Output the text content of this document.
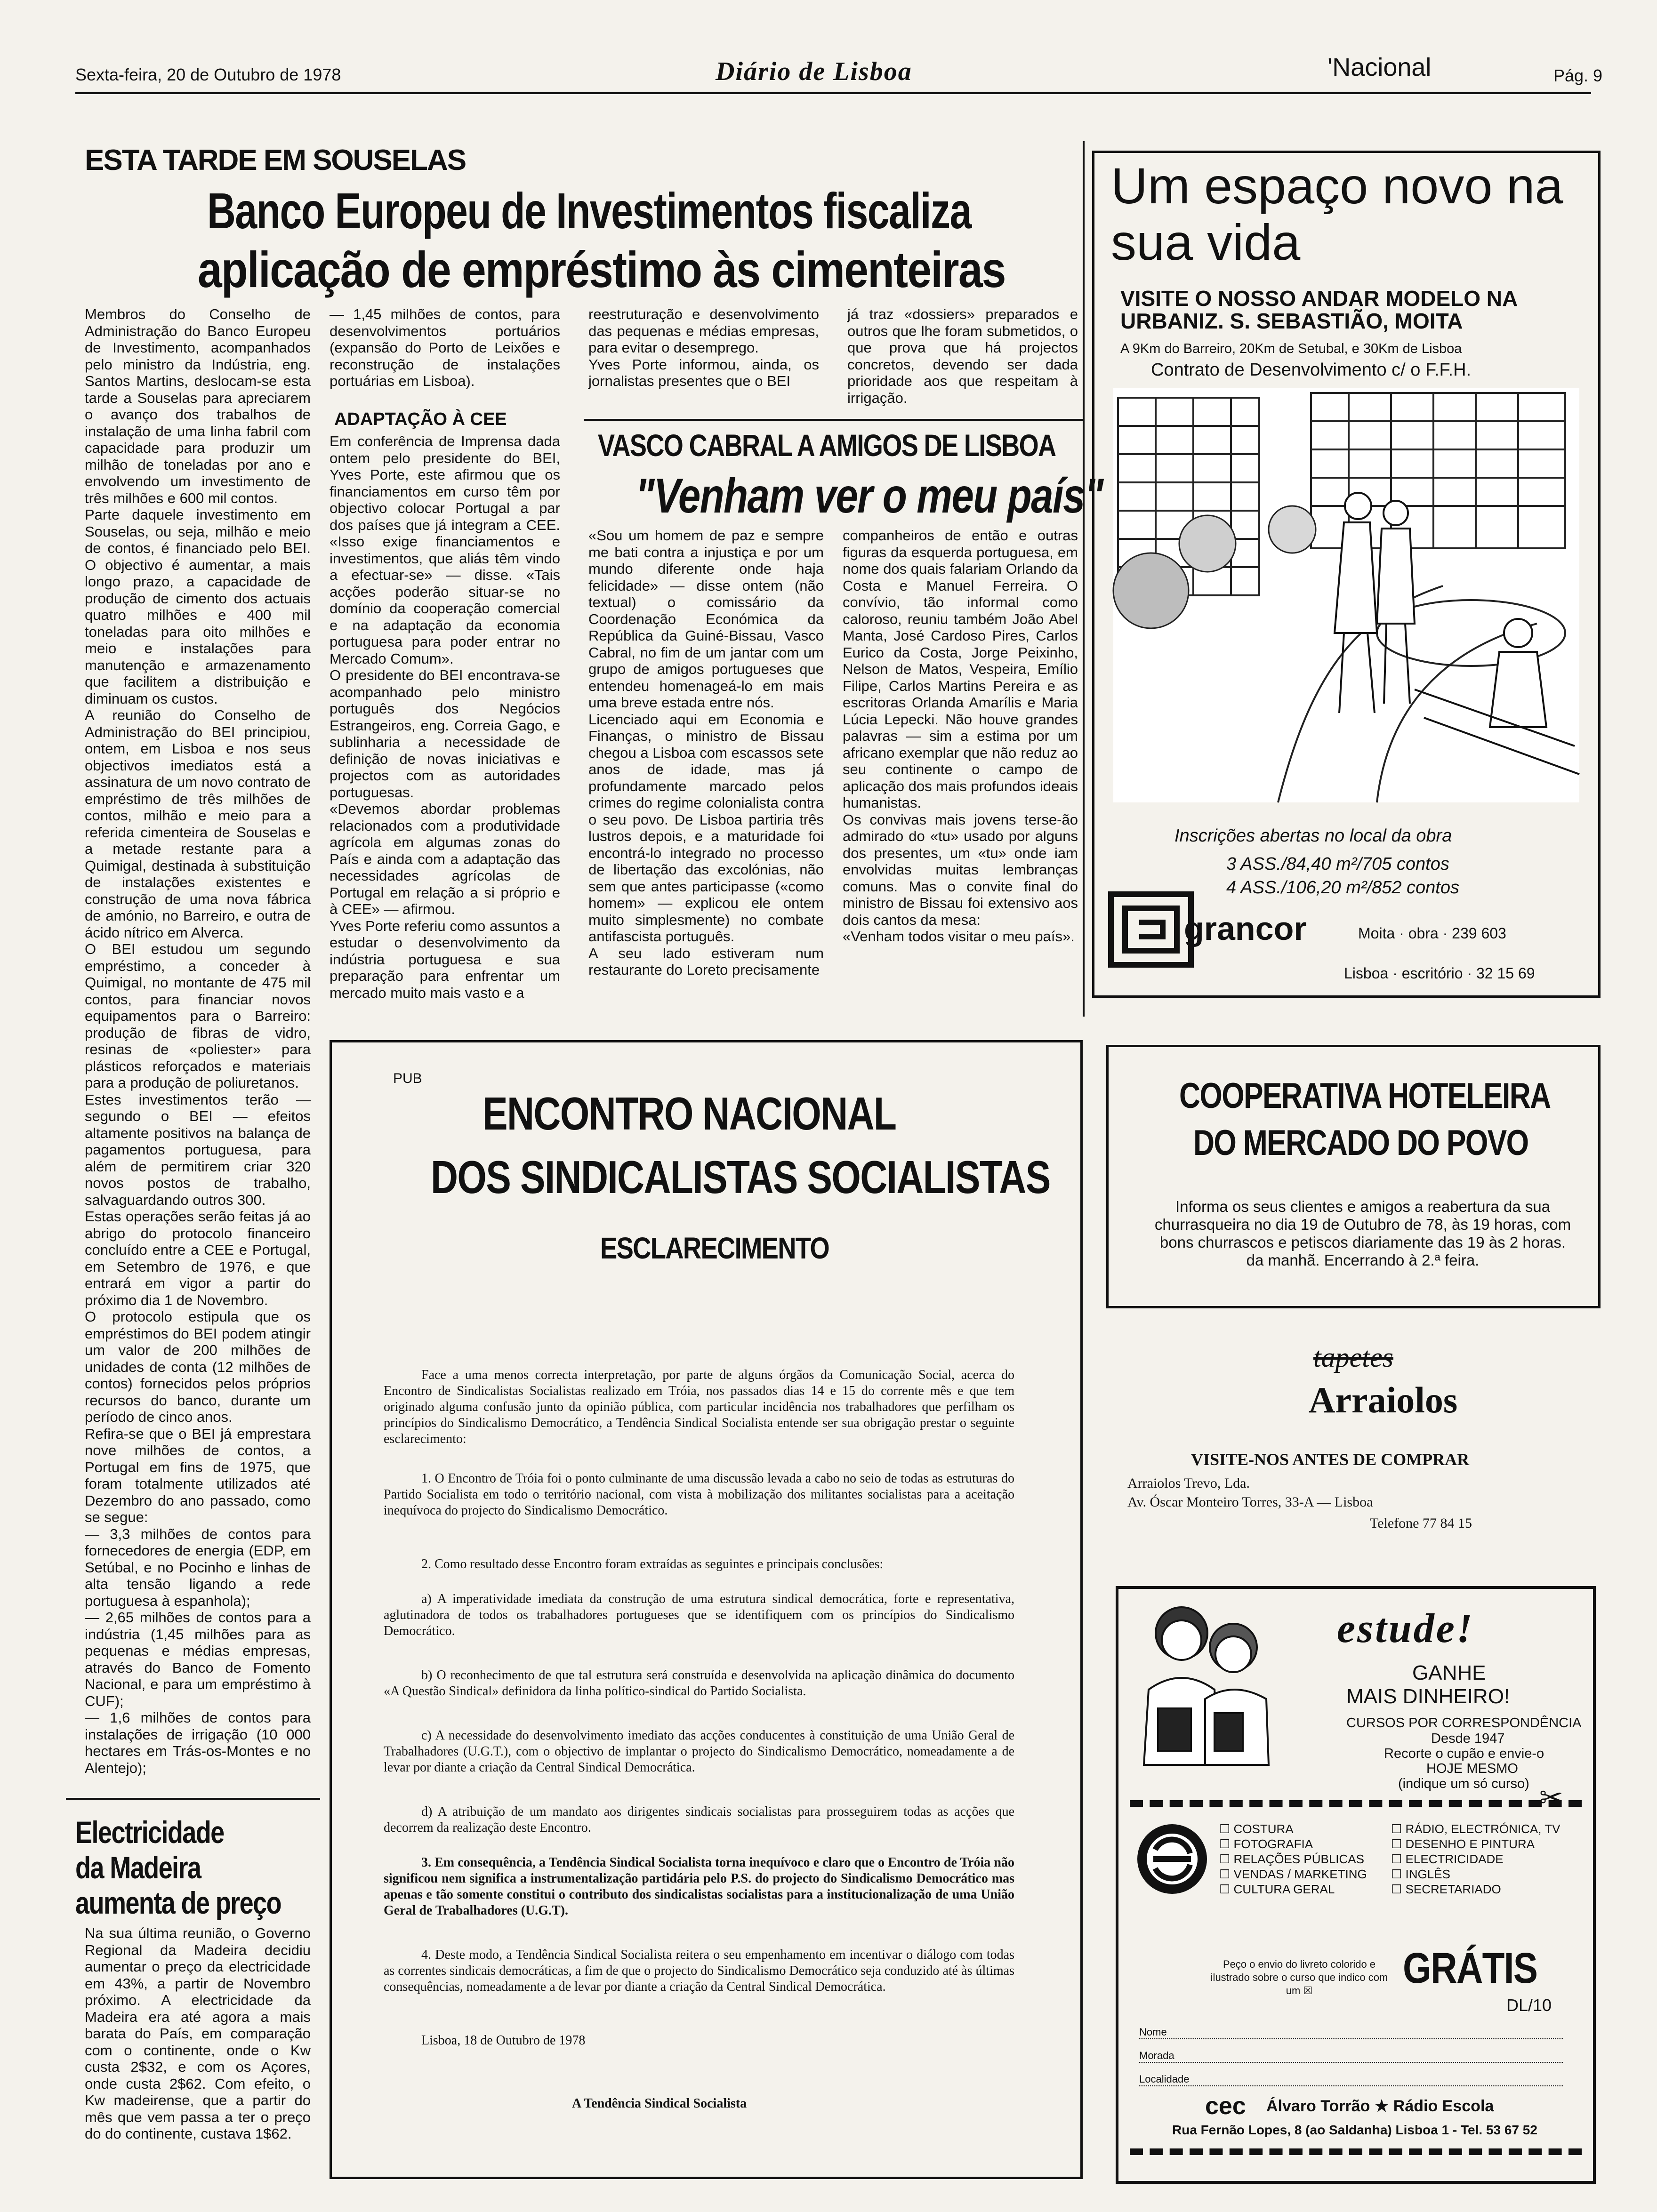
Sexta-feira, 20 de Outubro de 1978	Diário de Lisboa	'Nacional	Pág. 9
ESTA TARDE EM SOUSELAS
Banco Europeu de Investimentos fiscaliza
aplicação de empréstimo às cimenteiras

Membros do Conselho de Administração do Banco Europeu de Investimento, acompanhados pelo ministro da Indústria, eng. Santos Martins, deslocam-se esta tarde a Souselas para apreciarem o avanço dos trabalhos de instalação de uma linha fabril com capacidade para produzir um milhão de toneladas por ano e envolvendo um investimento de três milhões e 600 mil contos.
Parte daquele investimento em Souselas, ou seja, milhão e meio de contos, é financiado pelo BEI. O objectivo é aumentar, a mais longo prazo, a capacidade de produção de cimento dos actuais quatro milhões e 400 mil toneladas para oito milhões e meio e instalações para manutenção e armazenamento que facilitem a distribuição e diminuam os custos.
A reunião do Conselho de Administração do BEI principiou, ontem, em Lisboa e nos seus objectivos imediatos está a assinatura de um novo contrato de empréstimo de três milhões de contos, milhão e meio para a referida cimenteira de Souselas e a metade restante para a Quimigal, destinada à substituição de instalações existentes e construção de uma nova fábrica de amónio, no Barreiro, e outra de ácido nítrico em Alverca.
O BEI estudou um segundo empréstimo, a conceder à Quimigal, no montante de 475 mil contos, para financiar novos equipamentos para o Barreiro: produção de fibras de vidro, resinas de «poliester» para plásticos reforçados e materiais para a produção de poliuretanos.
Estes investimentos terão — segundo o BEI — efeitos altamente positivos na balança de pagamentos portuguesa, para além de permitirem criar 320 novos postos de trabalho, salvaguardando outros 300.
Estas operações serão feitas já ao abrigo do protocolo financeiro concluído entre a CEE e Portugal, em Setembro de 1976, e que entrará em vigor a partir do próximo dia 1 de Novembro.
O protocolo estipula que os empréstimos do BEI podem atingir um valor de 200 milhões de unidades de conta (12 milhões de contos) fornecidos pelos próprios recursos do banco, durante um período de cinco anos.
Refira-se que o BEI já emprestara nove milhões de contos, a Portugal em fins de 1975, que foram totalmente utilizados até Dezembro do ano passado, como se segue:
— 3,3 milhões de contos para fornecedores de energia (EDP, em Setúbal, e no Pocinho e linhas de alta tensão ligando a rede portuguesa à espanhola);
— 2,65 milhões de contos para a indústria (1,45 milhões para as pequenas e médias empresas, através do Banco de Fomento Nacional, e para um empréstimo à CUF);
— 1,6 milhões de contos para instalações de irrigação (10 000 hectares em Trás-os-Montes e no Alentejo);

— 1,45 milhões de contos, para desenvolvimentos portuários (expansão do Porto de Leixões e reconstrução de instalações portuárias em Lisboa).

ADAPTAÇÃO À CEE

Em conferência de Imprensa dada ontem pelo presidente do BEI, Yves Porte, este afirmou que os financiamentos em curso têm por objectivo colocar Portugal a par dos países que já integram a CEE. «Isso exige financiamentos e investimentos, que aliás têm vindo a efectuar-se» — disse. «Tais acções poderão situar-se no domínio da cooperação comercial e na adaptação da economia portuguesa para poder entrar no Mercado Comum».
O presidente do BEI encontrava-se acompanhado pelo ministro português dos Negócios Estrangeiros, eng. Correia Gago, e sublinharia a necessidade de definição de novas iniciativas e projectos com as autoridades portuguesas.
«Devemos abordar problemas relacionados com a produtividade agrícola em algumas zonas do País e ainda com a adaptação das necessidades agrícolas de Portugal em relação a si próprio e à CEE» — afirmou.
Yves Porte referiu como assuntos a estudar o desenvolvimento da indústria portuguesa e sua preparação para enfrentar um mercado muito mais vasto e a

reestruturação e desenvolvimento das pequenas e médias empresas, para evitar o desemprego.
Yves Porte informou, ainda, os jornalistas presentes que o BEI

já traz «dossiers» preparados e outros que lhe foram submetidos, o que prova que há projectos concretos, devendo ser dada prioridade aos que respeitam à irrigação.

VASCO CABRAL A AMIGOS DE LISBOA
"Venham ver o meu país"

«Sou um homem de paz e sempre me bati contra a injustiça e por um mundo diferente onde haja felicidade» — disse ontem (não textual) o comissário da Coordenação Económica da República da Guiné-Bissau, Vasco Cabral, no fim de um jantar com um grupo de amigos portugueses que entendeu homenageá-lo em mais uma breve estada entre nós.
Licenciado aqui em Economia e Finanças, o ministro de Bissau chegou a Lisboa com escassos sete anos de idade, mas já profundamente marcado pelos crimes do regime colonialista contra o seu povo. De Lisboa partiria três lustros depois, e a maturidade foi encontrá-lo integrado no processo de libertação das excolónias, não sem que antes participasse («como homem» — explicou ele ontem muito simplesmente) no combate antifascista português.
A seu lado estiveram num restaurante do Loreto precisamente

companheiros de então e outras figuras da esquerda portuguesa, em nome dos quais falariam Orlando da Costa e Manuel Ferreira. O convívio, tão informal como caloroso, reuniu também João Abel Manta, José Cardoso Pires, Carlos Eurico da Costa, Jorge Peixinho, Nelson de Matos, Vespeira, Emílio Filipe, Carlos Martins Pereira e as escritoras Orlanda Amarílis e Maria Lúcia Lepecki. Não houve grandes palavras — sim a estima por um africano exemplar que não reduz ao seu continente o campo de aplicação dos mais profundos ideais humanistas.
Os convivas mais jovens terse-ão admirado do «tu» usado por alguns dos presentes, um «tu» onde iam envolvidas muitas lembranças comuns. Mas o convite final do ministro de Bissau foi extensivo aos dois cantos da mesa:
«Venham todos visitar o meu país».

Electricidade
da Madeira
aumenta de preço

Na sua última reunião, o Governo Regional da Madeira decidiu aumentar o preço da electricidade em 43%, a partir de Novembro próximo. A electricidade da Madeira era até agora a mais barata do País, em comparação com o continente, onde o Kw custa 2$32, e com os Açores, onde custa 2$62. Com efeito, o Kw madeirense, que a partir do mês que vem passa a ter o preço do do continente, custava 1$62.

Um espaço novo na sua vida
VISITE O NOSSO ANDAR MODELO NA URBANIZ. S. SEBASTIÃO, MOITA
A 9Km do Barreiro, 20Km de Setubal, e 30Km de Lisboa
Contrato de Desenvolvimento c/ o F.F.H.
Inscrições abertas no local da obra
3 ASS./84,40 m²/705 contos
4 ASS./106,20 m²/852 contos
grancor	Moita · obra · 239 603
Lisboa · escritório · 32 15 69
PUB
ENCONTRO NACIONAL
DOS SINDICALISTAS SOCIALISTAS
ESCLARECIMENTO

Face a uma menos correcta interpretação, por parte de alguns órgãos da Comunicação Social, acerca do Encontro de Sindicalistas Socialistas realizado em Tróia, nos passados dias 14 e 15 do corrente mês e que tem originado alguma confusão junto da opinião pública, com particular incidência nos trabalhadores que perfilham os princípios do Sindicalismo Democrático, a Tendência Sindical Socialista entende ser sua obrigação prestar o seguinte esclarecimento:

1. O Encontro de Tróia foi o ponto culminante de uma discussão levada a cabo no seio de todas as estruturas do Partido Socialista em todo o território nacional, com vista à mobilização dos militantes socialistas para a aceitação inequívoca do projecto do Sindicalismo Democrático.

2. Como resultado desse Encontro foram extraídas as seguintes e principais conclusões:

a) A imperatividade imediata da construção de uma estrutura sindical democrática, forte e representativa, aglutinadora de todos os trabalhadores portugueses que se identifiquem com os princípios do Sindicalismo Democrático.

b) O reconhecimento de que tal estrutura será construída e desenvolvida na aplicação dinâmica do documento «A Questão Sindical» definidora da linha político-sindical do Partido Socialista.

c) A necessidade do desenvolvimento imediato das acções conducentes à constituição de uma União Geral de Trabalhadores (U.G.T.), com o objectivo de implantar o projecto do Sindicalismo Democrático, nomeadamente a de levar por diante a criação da Central Sindical Democrática.

d) A atribuição de um mandato aos dirigentes sindicais socialistas para prosseguirem todas as acções que decorrem da realização deste Encontro.

3. Em consequência, a Tendência Sindical Socialista torna inequívoco e claro que o Encontro de Tróia não significou nem significa a instrumentalização partidária pelo P.S. do projecto do Sindicalismo Democrático mas apenas e tão somente constitui o contributo dos sindicalistas socialistas para a institucionalização de uma União Geral de Trabalhadores (U.G.T).

4. Deste modo, a Tendência Sindical Socialista reitera o seu empenhamento em incentivar o diálogo com todas as correntes sindicais democráticas, a fim de que o projecto do Sindicalismo Democrático seja conduzido até às últimas consequências, nomeadamente a de levar por diante a criação da Central Sindical Democrática.

Lisboa, 18 de Outubro de 1978

A Tendência Sindical Socialista

COOPERATIVA HOTELEIRA
DO MERCADO DO POVO
Informa os seus clientes e amigos a reabertura da sua churrasqueira no dia 19 de Outubro de 78, às 19 horas, com bons churrascos e petiscos diariamente das 19 às 2 horas. da manhã. Encerrando à 2.ª feira.
tapetes
Arraiolos
VISITE-NOS ANTES DE COMPRAR
Arraiolos Trevo, Lda.
Av. Óscar Monteiro Torres, 33-A — Lisboa
Telefone 77 84 15
estude!
GANHE
MAIS DINHEIRO!
CURSOS POR CORRESPONDÊNCIA
Desde 1947
Recorte o cupão e envie-o
HOJE MESMO
(indique um só curso) ✂
☐ COSTURA
☐ FOTOGRAFIA
☐ RELAÇÕES PÚBLICAS
☐ VENDAS / MARKETING
☐ CULTURA GERAL
☐ RÁDIO, ELECTRÓNICA, TV
☐ DESENHO E PINTURA
☐ ELECTRICIDADE
☐ INGLÊS
☐ SECRETARIADO
Peço o envio do livreto colorido e ilustrado sobre o curso que indico com um ☒	GRÁTIS
DL/10
Nome
Morada
Localidade
cec Álvaro Torrão ★ Rádio Escola
Rua Fernão Lopes, 8 (ao Saldanha) Lisboa 1 - Tel. 53 67 52
